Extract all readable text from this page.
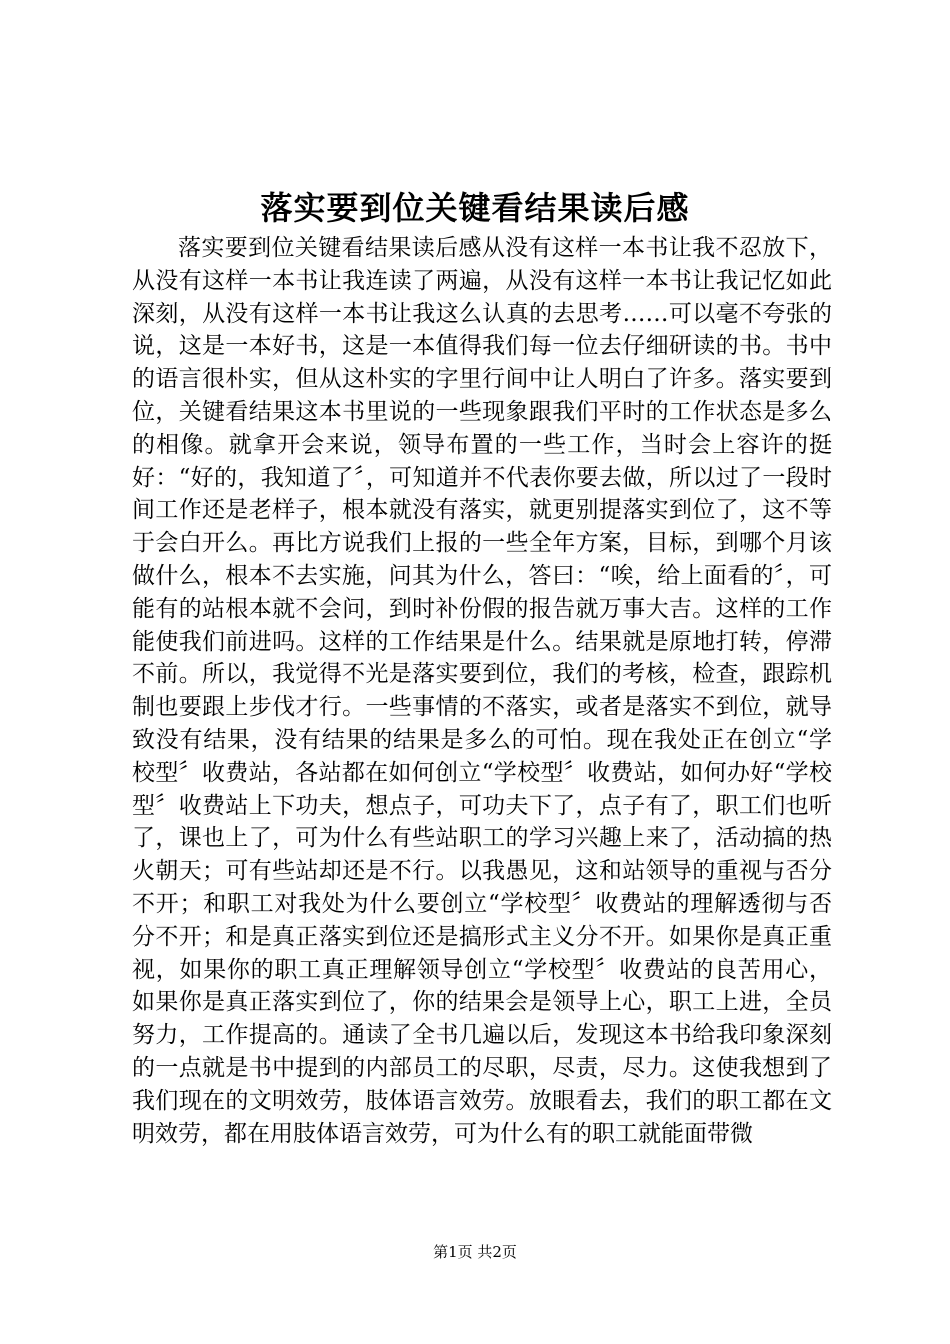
落实要到位关键看结果读后感

落实要到位关键看结果读后感从没有这样一本书让我不忍放下，从没有这样一本书让我连读了两遍，从没有这样一本书让我记忆如此深刻，从没有这样一本书让我这么认真的去思考……可以毫不夸张的说，这是一本好书，这是一本值得我们每一位去仔细研读的书。书中的语言很朴实，但从这朴实的字里行间中让人明白了许多。落实要到位，关键看结果这本书里说的一些现象跟我们平时的工作状态是多么的相像。就拿开会来说，领导布置的一些工作，当时会上容许的挺好：“好的，我知道了〞，可知道并不代表你要去做，所以过了一段时间工作还是老样子，根本就没有落实，就更别提落实到位了，这不等于会白开么。再比方说我们上报的一些全年方案，目标，到哪个月该做什么，根本不去实施，问其为什么，答曰：“唉，给上面看的〞，可能有的站根本就不会问，到时补份假的报告就万事大吉。这样的工作能使我们前进吗。这样的工作结果是什么。结果就是原地打转，停滞不前。所以，我觉得不光是落实要到位，我们的考核，检查，跟踪机制也要跟上步伐才行。一些事情的不落实，或者是落实不到位，就导致没有结果，没有结果的结果是多么的可怕。现在我处正在创立“学校型〞收费站，各站都在如何创立“学校型〞收费站，如何办好“学校型〞收费站上下功夫，想点子，可功夫下了，点子有了，职工们也听了，课也上了，可为什么有些站职工的学习兴趣上来了，活动搞的热火朝天；可有些站却还是不行。以我愚见，这和站领导的重视与否分不开；和职工对我处为什么要创立“学校型〞收费站的理解透彻与否分不开；和是真正落实到位还是搞形式主义分不开。如果你是真正重视，如果你的职工真正理解领导创立“学校型〞收费站的良苦用心，如果你是真正落实到位了，你的结果会是领导上心，职工上进，全员努力，工作提高的。通读了全书几遍以后，发现这本书给我印象深刻的一点就是书中提到的内部员工的尽职，尽责，尽力。这使我想到了我们现在的文明效劳，肢体语言效劳。放眼看去，我们的职工都在文明效劳，都在用肢体语言效劳，可为什么有的职工就能面带微

第1页 共2页
